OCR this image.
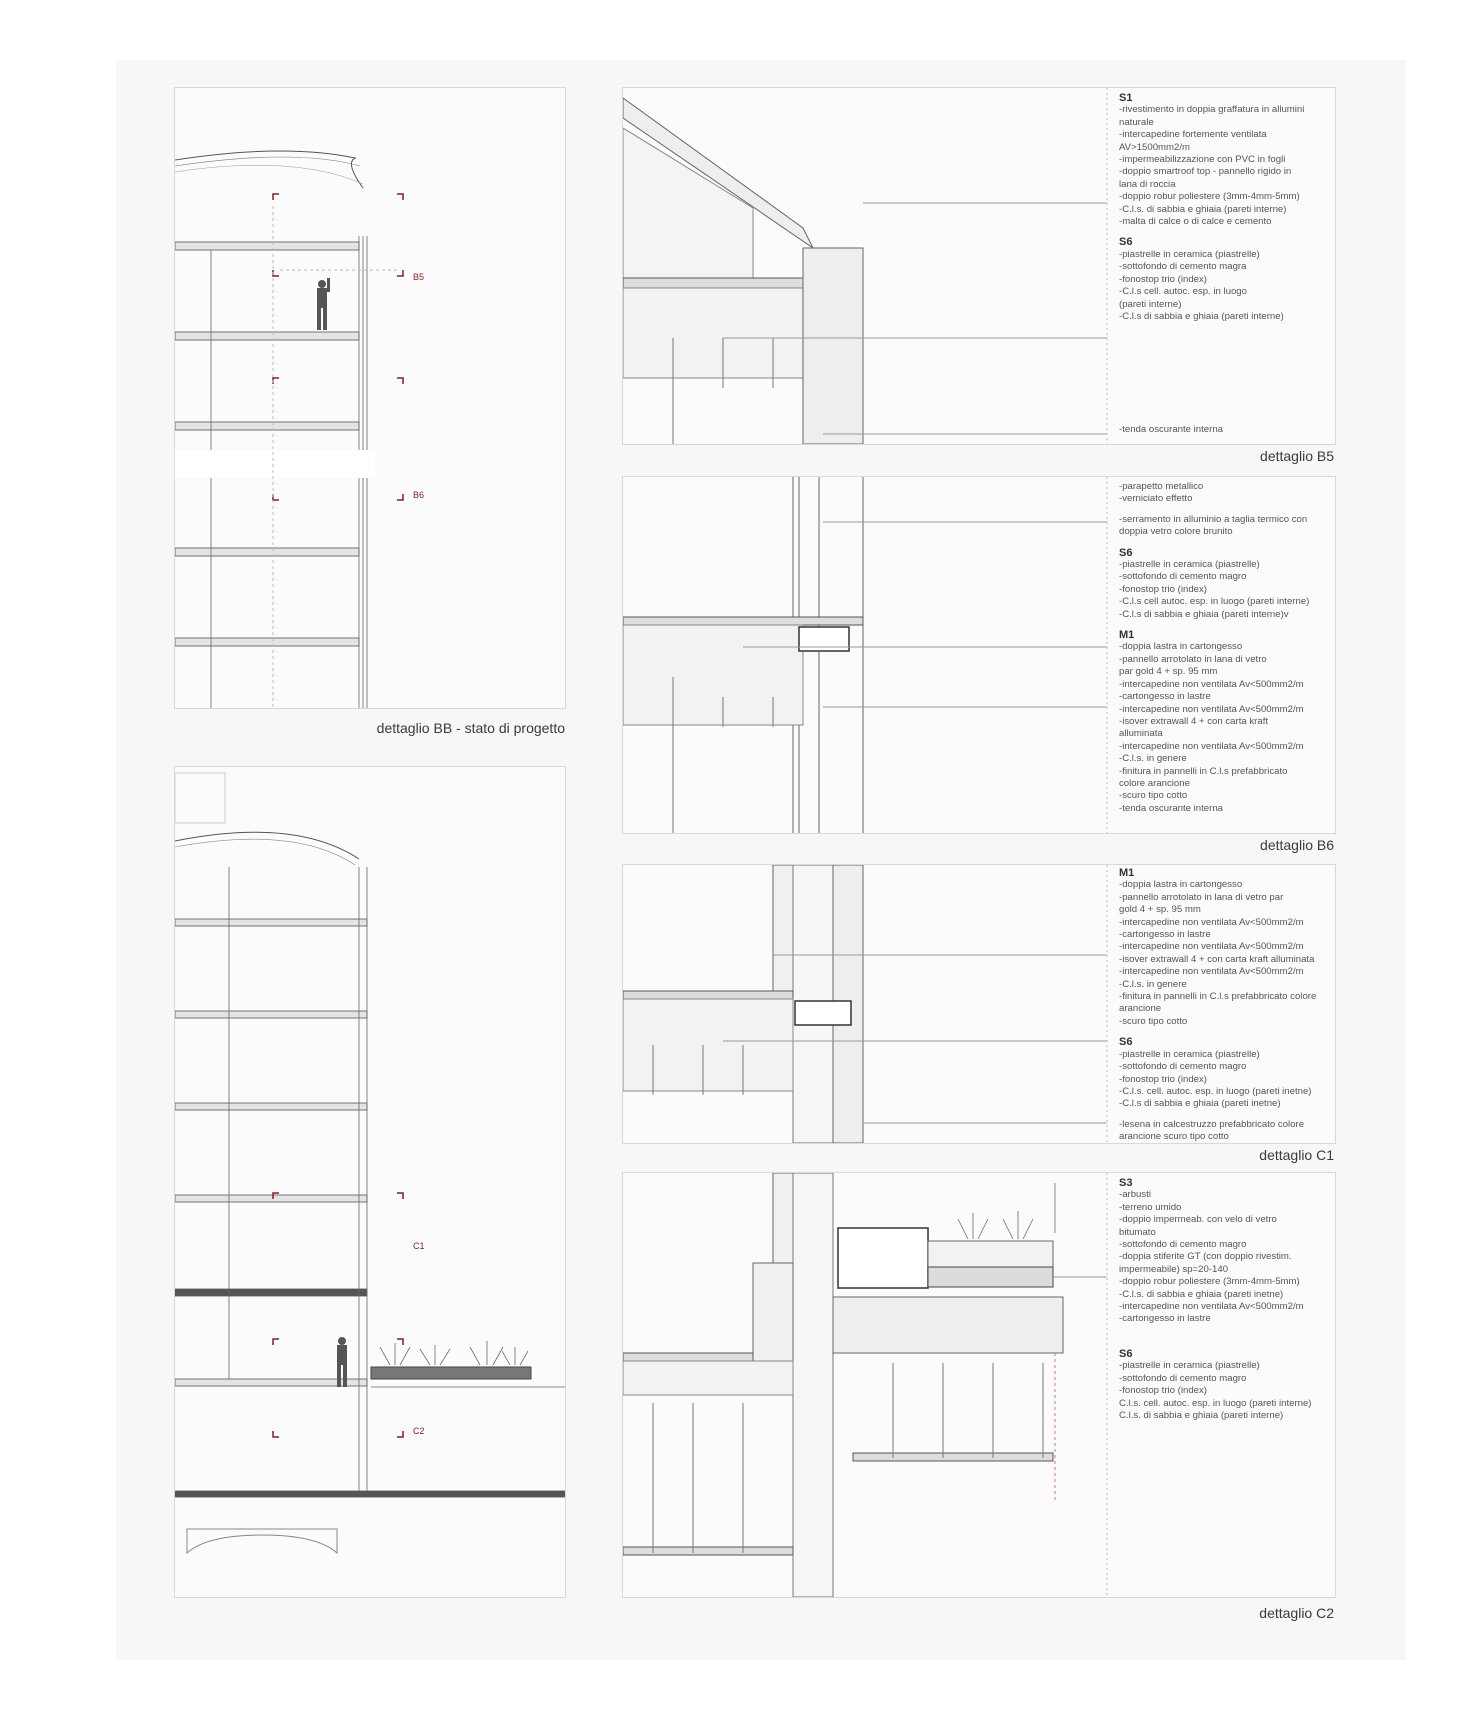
B5
B6
dettaglio BB - stato di progetto
C1
C2
S1
-rivestimento in doppia graffatura in allumini
naturale
-intercapedine fortemente ventilata
AV>1500mm2/m
-impermeabilizzazione con PVC in fogli
-doppio smartroof top - pannello rigido in
lana di roccia
-doppio robur poliestere (3mm-4mm-5mm)
-C.l.s. di sabbia e ghiaia (pareti interne)
-malta di calce o di calce e cemento
S6
-piastrelle in ceramica (piastrelle)
-sottofondo di cemento magra
-fonostop trio (index)
-C.l.s cell. autoc. esp. in luogo
(pareti interne)
-C.l.s di sabbia e ghiaia (pareti interne)
-tenda oscurante interna
dettaglio B5
-parapetto metallico
-verniciato effetto
-serramento in alluminio a taglia termico con
doppia vetro colore brunito
S6
-piastrelle in ceramica (piastrelle)
-sottofondo di cemento magro
-fonostop trio (index)
-C.l.s cell autoc. esp. in luogo (pareti interne)
-C.l.s di sabbia e ghiaia (pareti interne)v
M1
-doppia lastra in cartongesso
-pannello arrotolato in lana di vetro
par gold 4 + sp. 95 mm
-intercapedine non ventilata Av<500mm2/m
-cartongesso in lastre
-intercapedine non ventilata Av<500mm2/m
-isover extrawall 4 + con carta kraft
alluminata
-intercapedine non ventilata Av<500mm2/m
-C.l.s. in genere
-finitura in pannelli in C.l.s prefabbricato
colore arancione
-scuro tipo cotto
-tenda oscurante interna
dettaglio B6
M1
-doppia lastra in cartongesso
-pannello arrotolato in lana di vetro par
gold 4 + sp. 95 mm
-intercapedine non ventilata Av<500mm2/m
-cartongesso in lastre
-intercapedine non ventilata Av<500mm2/m
-isover extrawall 4 + con carta kraft alluminata
-intercapedine non ventilata Av<500mm2/m
-C.l.s. in genere
-finitura in pannelli in C.l.s prefabbricato colore
arancione
-scuro tipo cotto
S6
-piastrelle in ceramica (piastrelle)
-sottofondo di cemento magro
-fonostop trio (index)
-C.l.s. cell. autoc. esp. in luogo (pareti inetne)
-C.l.s di sabbia e ghiaia (pareti inetne)
-lesena in calcestruzzo prefabbricato colore
arancione scuro tipo cotto
dettaglio C1
S3
-arbusti
-terreno umido
-doppio impermeab. con velo di vetro
bitumato
-sottofondo di cemento magro
-doppia stiferite GT (con doppio rivestim.
impermeabile) sp=20-140
-doppio robur poliestere (3mm-4mm-5mm)
-C.l.s. di sabbia e ghiaia (pareti inetne)
-intercapedine non ventilata Av<500mm2/m
-cartongesso in lastre
S6
-piastrelle in ceramica (piastrelle)
-sottofondo di cemento magro
-fonostop trio (index)
C.l.s. cell. autoc. esp. in luogo (pareti interne)
C.l.s. di sabbia e ghiaia (pareti interne)
dettaglio C2
